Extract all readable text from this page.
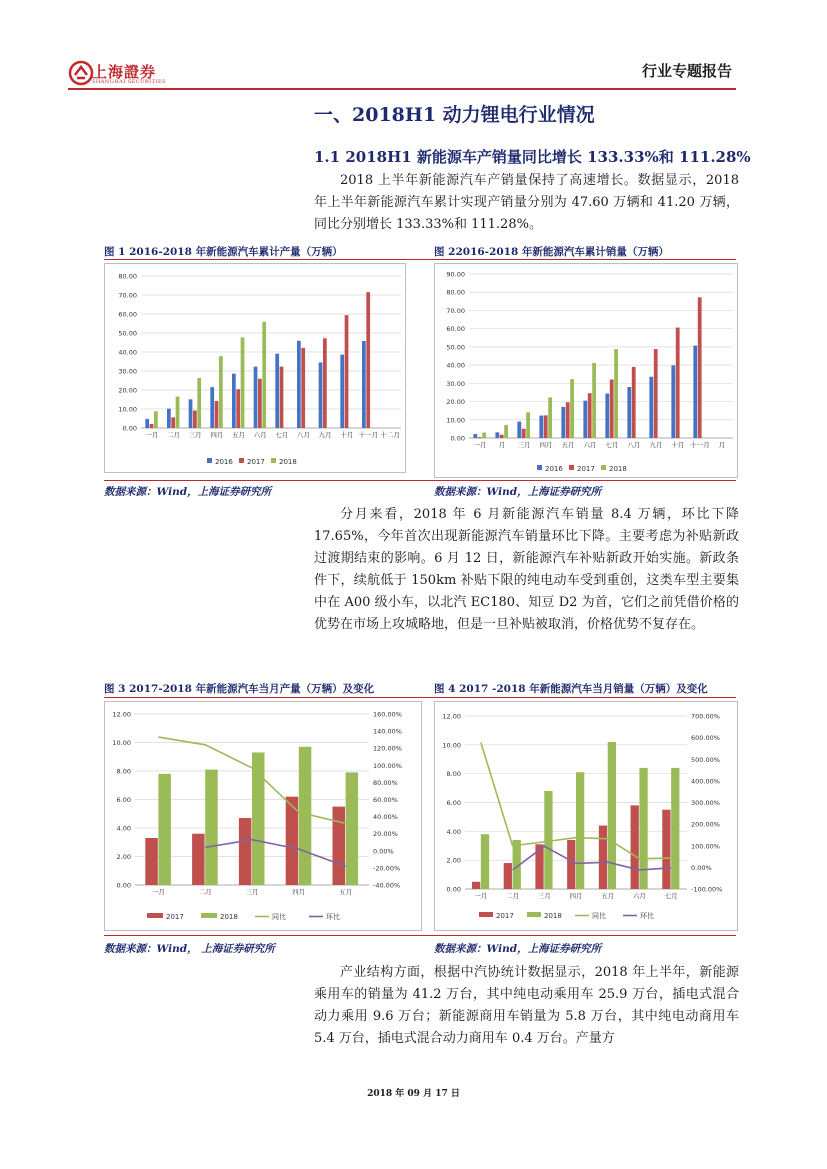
上海證券
SHANGHAI SECURITIES
行业专题报告
一、2018H1 动力锂电行业情况
1.1 2018H1 新能源车产销量同比增长 133.33%和 111.28%

2018 上半年新能源汽车产销量保持了高速增长。数据显示，2018 年上半年新能源汽车累计实现产销量分别为 47.60 万辆和 41.20 万辆，同比分别增长 133.33%和 111.28%。

图 1 2016-2018 年新能源汽车累计产量（万辆）	图 22016-2018 年新能源汽车累计销量（万辆）
0.00
10.00
20.00
30.00
40.00
50.00
60.00
70.00
80.00
一月 二月 三月 四月 五月 六月 七月 八月 九月 十月 十一月 十二月
2016 2017 2018
0.00
10.00
20.00
30.00
40.00
50.00
60.00
70.00
80.00
90.00
一月 月 三月 四月 五月 六月 七月 八月 九月 十月 十一月 月
2016 2017 2018
数据来源：Wind，上海证券研究所	数据来源：Wind，上海证券研究所

分月来看，2018 年 6 月新能源汽车销量 8.4 万辆，环比下降 17.65%，今年首次出现新能源汽车销量环比下降。主要考虑为补贴新政过渡期结束的影响。6 月 12 日，新能源汽车补贴新政开始实施。新政条件下，续航低于 150km 补贴下限的纯电动车受到重创，这类车型主要集中在 A00 级小车，以北汽 EC180、知豆 D2 为首，它们之前凭借价格的优势在市场上攻城略地，但是一旦补贴被取消，价格优势不复存在。

图 3 2017-2018 年新能源汽车当月产量（万辆）及变化	图 4 2017 -2018 年新能源汽车当月销量（万辆）及变化
0.00
2.00
4.00
6.00
8.00
10.00
12.00
-40.00%
-20.00%
0.00%
20.00%
40.00%
60.00%
80.00%
100.00%
120.00%
140.00%
160.00%
一月	二月	三月	四月	五月
2017	2018	同比	环比
0.00
2.00
4.00
6.00
8.00
10.00
12.00
-100.00%
0.00%
100.00%
200.00%
300.00%
400.00%
500.00%
600.00%
700.00%
一月	二月	三月	四月	五月	六月	七月
2017	2018	同比	环比
数据来源：Wind， 上海证券研究所	数据来源：Wind，上海证券研究所

产业结构方面，根据中汽协统计数据显示，2018 年上半年，新能源乘用车的销量为 41.2 万台，其中纯电动乘用车 25.9 万台，插电式混合动力乘用 9.6 万台；新能源商用车销量为 5.8 万台，其中纯电动商用车 5.4 万台，插电式混合动力商用车 0.4 万台。产量方

2018 年 09 月 17 日
